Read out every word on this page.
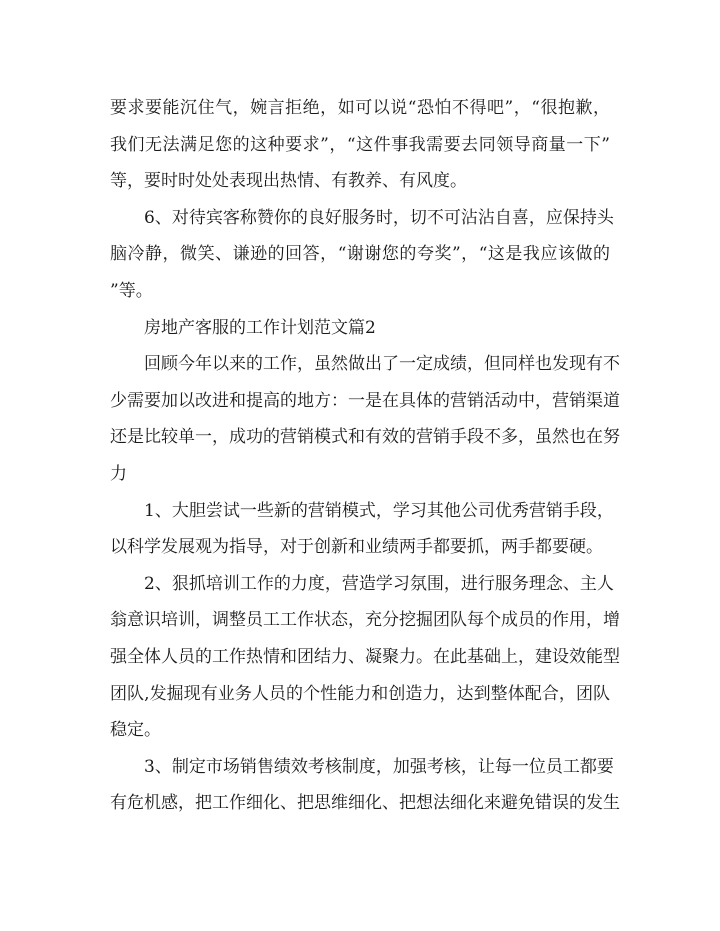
要求要能沉住气，婉言拒绝，如可以说“恐怕不得吧”，“很抱歉，
我们无法满足您的这种要求”，“这件事我需要去同领导商量一下”
等，要时时处处表现出热情、有教养、有风度。

6、对待宾客称赞你的良好服务时，切不可沾沾自喜，应保持头
脑冷静，微笑、谦逊的回答，“谢谢您的夸奖”，“这是我应该做的
”等。

房地产客服的工作计划范文篇2

回顾今年以来的工作，虽然做出了一定成绩，但同样也发现有不
少需要加以改进和提高的地方：一是在具体的营销活动中，营销渠道
还是比较单一，成功的营销模式和有效的营销手段不多，虽然也在努
力

1、大胆尝试一些新的营销模式，学习其他公司优秀营销手段，
以科学发展观为指导，对于创新和业绩两手都要抓，两手都要硬。

2、狠抓培训工作的力度，营造学习氛围，进行服务理念、主人
翁意识培训，调整员工工作状态，充分挖掘团队每个成员的作用，增
强全体人员的工作热情和团结力、凝聚力。在此基础上，建设效能型
团队,发掘现有业务人员的个性能力和创造力，达到整体配合，团队
稳定。

3、制定市场销售绩效考核制度，加强考核，让每一位员工都要
有危机感，把工作细化、把思维细化、把想法细化来避免错误的发生
